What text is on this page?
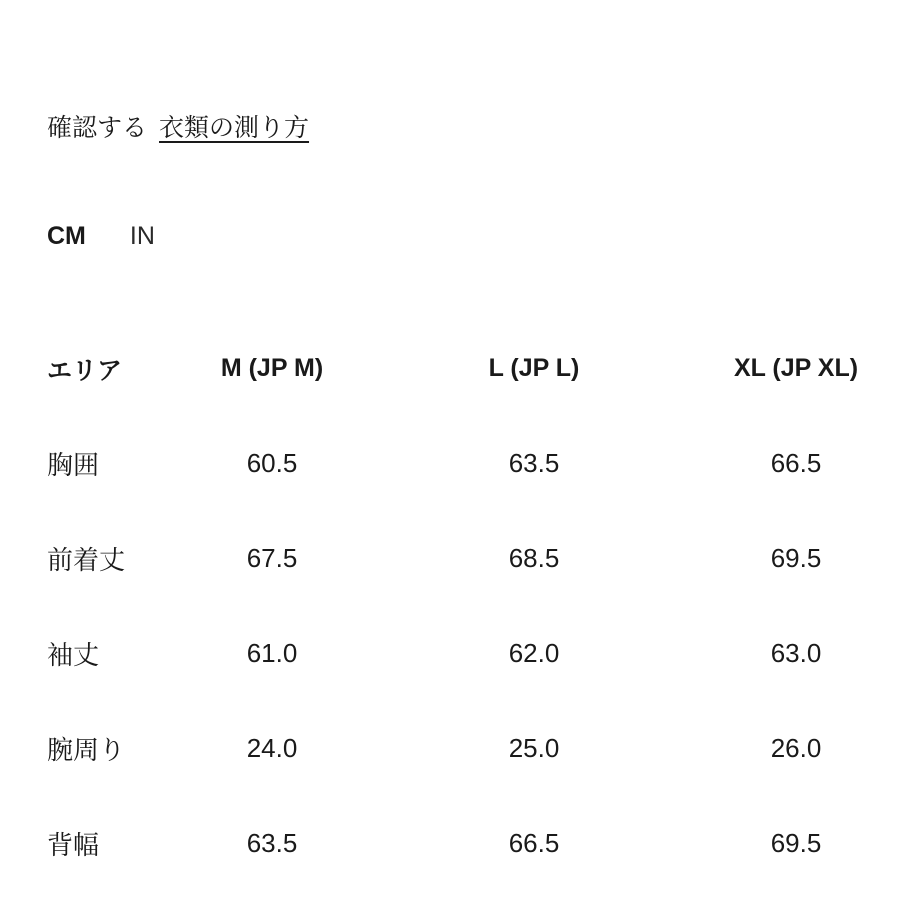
確認する 衣類の測り方
CM IN
エリア	M (JP M)	L (JP L)	XL (JP XL)
胸囲	60.5	63.5	66.5
前着丈	67.5	68.5	69.5
袖丈	61.0	62.0	63.0
腕周り	24.0	25.0	26.0
背幅	63.5	66.5	69.5
